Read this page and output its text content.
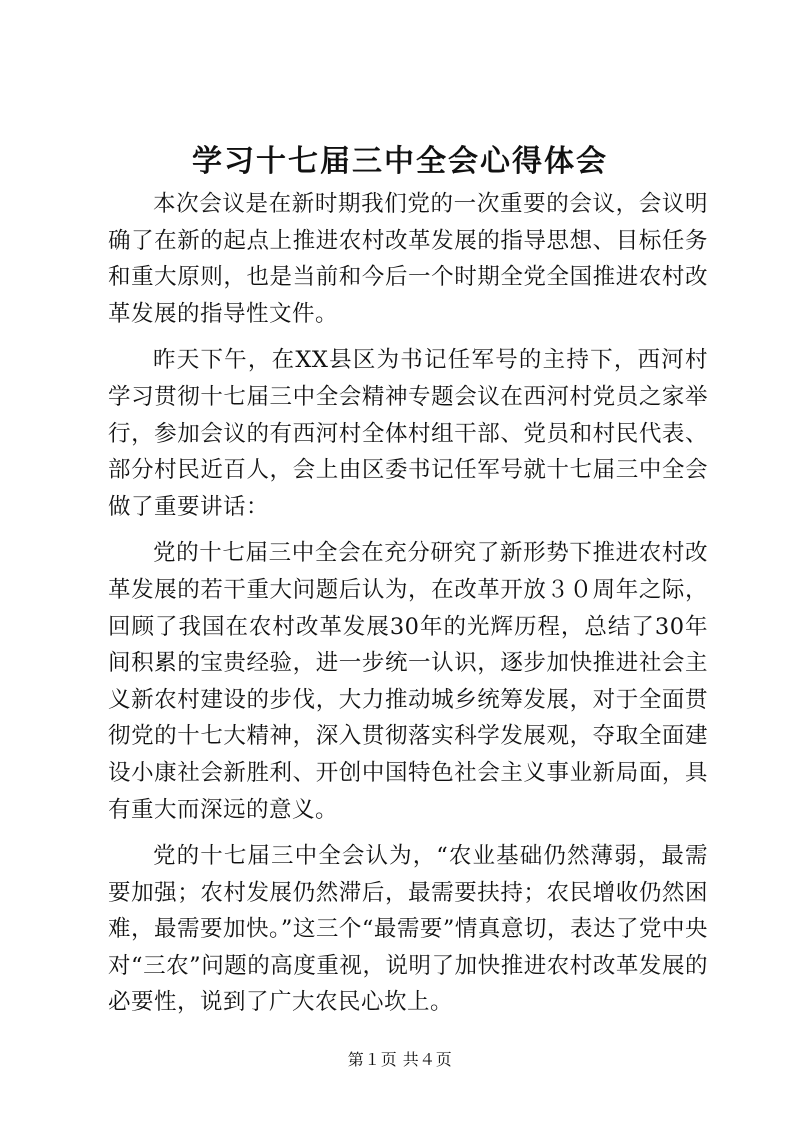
学习十七届三中全会心得体会

本次会议是在新时期我们党的一次重要的会议，会议明确了在新的起点上推进农村改革发展的指导思想、目标任务和重大原则，也是当前和今后一个时期全党全国推进农村改革发展的指导性文件。

昨天下午，在XX县区为书记任军号的主持下，西河村学习贯彻十七届三中全会精神专题会议在西河村党员之家举行，参加会议的有西河村全体村组干部、党员和村民代表、部分村民近百人，会上由区委书记任军号就十七届三中全会做了重要讲话：

党的十七届三中全会在充分研究了新形势下推进农村改革发展的若干重大问题后认为，在改革开放３０周年之际，回顾了我国在农村改革发展30年的光辉历程，总结了30年间积累的宝贵经验，进一步统一认识，逐步加快推进社会主义新农村建设的步伐，大力推动城乡统筹发展，对于全面贯彻党的十七大精神，深入贯彻落实科学发展观，夺取全面建设小康社会新胜利、开创中国特色社会主义事业新局面，具有重大而深远的意义。

党的十七届三中全会认为，“农业基础仍然薄弱，最需要加强；农村发展仍然滞后，最需要扶持；农民增收仍然困难，最需要加快。”这三个“最需要”情真意切，表达了党中央对“三农”问题的高度重视，说明了加快推进农村改革发展的必要性，说到了广大农民心坎上。

第１页 共４页
